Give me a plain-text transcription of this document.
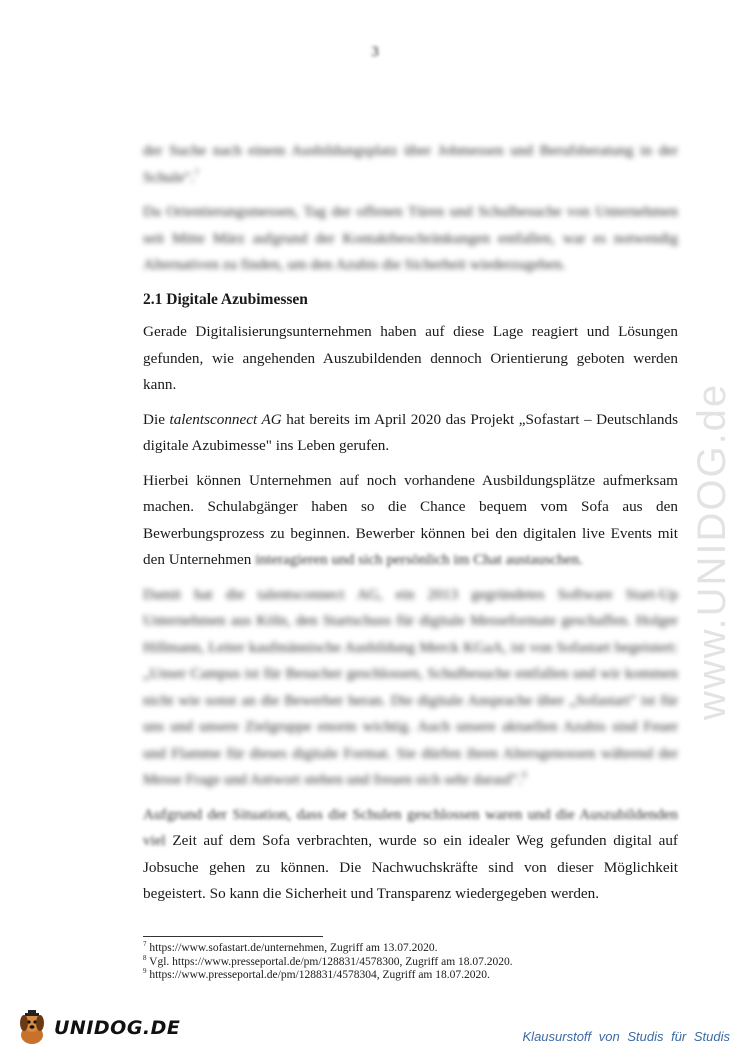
3
www.UNIDOG.de

der Suche nach einem Ausbildungsplatz über Jobmessen und Berufsberatung in der Schule".$^7$

Da Orientierungsmessen, Tag der offenen Türen und Schulbesuche von Unternehmen seit Mitte März aufgrund der Kontaktbeschränkungen entfallen, war es notwendig Alternativen zu finden, um den Azubis die Sicherheit wiederzugeben.

2.1 Digitale Azubimessen

Gerade Digitalisierungsunternehmen haben auf diese Lage reagiert und Lösungen gefunden, wie angehenden Auszubildenden dennoch Orientierung geboten werden kann.

Die talentsconnect AG hat bereits im April 2020 das Projekt „Sofastart – Deutschlands digitale Azubimesse" ins Leben gerufen.

Hierbei können Unternehmen auf noch vorhandene Ausbildungsplätze aufmerksam machen. Schulabgänger haben so die Chance bequem vom Sofa aus den Bewerbungsprozess zu beginnen. Bewerber können bei den digitalen live Events mit den Unternehmen interagieren und sich persönlich im Chat austauschen.

Damit hat die talentsconnect AG, ein 2013 gegründetes Software Start-Up Unternehmen aus Köln, den Startschuss für digitale Messeformate geschaffen. Holger Hillmann, Leiter kaufmännische Ausbildung Merck KGaA, ist von Sofastart begeistert: „Unser Campus ist für Besucher geschlossen, Schulbesuche entfallen und wir kommen nicht wie sonst an die Bewerber heran. Die digitale Ansprache über „Sofastart" ist für uns und unsere Zielgruppe enorm wichtig. Auch unsere aktuellen Azubis sind Feuer und Flamme für dieses digitale Format. Sie dürfen ihren Altersgenossen während der Messe Frage und Antwort stehen und freuen sich sehr darauf".$^9$

Aufgrund der Situation, dass die Schulen geschlossen waren und die Auszubildenden viel Zeit auf dem Sofa verbrachten, wurde so ein idealer Weg gefunden digital auf Jobsuche gehen zu können. Die Nachwuchskräfte sind von dieser Möglichkeit begeistert. So kann die Sicherheit und Transparenz wiedergegeben werden.

$^7$ https://www.sofastart.de/unternehmen, Zugriff am 13.07.2020.
$^8$ Vgl. https://www.presseportal.de/pm/128831/4578300, Zugriff am 18.07.2020.
$^9$ https://www.presseportal.de/pm/128831/4578304, Zugriff am 18.07.2020.
UNIDOG.DE	Klausurstoff von Studis für Studis
